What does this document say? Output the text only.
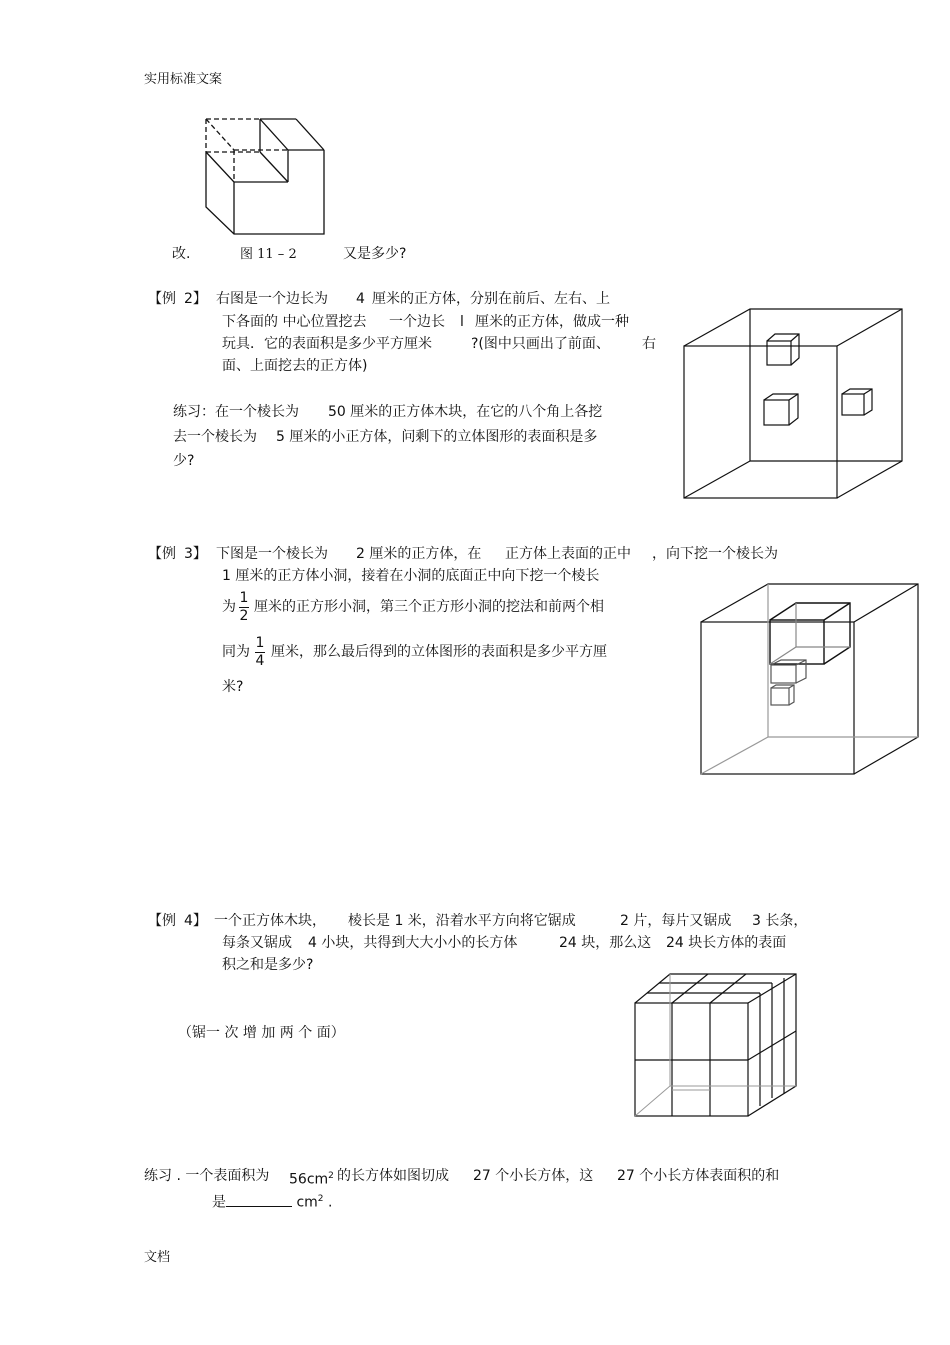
实用标准文案
改.	图 11 – 2	又是多少?
【例 2】 右图是一个边长为 4 厘米的正方体，分别在前后、左右、上
下各面的 中心位置挖去 一个边长 l 厘米的正方体，做成一种
玩具．它的表面积是多少平方厘米	?(图中只画出了前面、 右
面、上面挖去的正方体)
练习：在一个棱长为 50 厘米的正方体木块，在它的八个角上各挖
去一个棱长为 5 厘米的小正方体，问剩下的立体图形的表面积是多
少?
【例 3】 下图是一个棱长为 2 厘米的正方体，在 正方体上表面的正中 ，向下挖一个棱长为
1 厘米的正方体小洞，接着在小洞的底面正中向下挖一个棱长
为
1
2
厘米的正方形小洞，第三个正方形小洞的挖法和前两个相
同为
1
4
厘米，那么最后得到的立体图形的表面积是多少平方厘
米?
【例 4】 一个正方体木块， 棱长是 1 米，沿着水平方向将它锯成	2 片，每片又锯成 3 长条，
每条又锯成 4 小块，共得到大大小小的长方体	24 块，那么这 24 块长方体的表面
积之和是多少?
（锯一 次 增 加 两 个 面）
练习 . 一个表面积为 $56cm^2$ 的长方体如图切成 27 个小长方体，这 27 个小长方体表面积的和
是	$cm^2$ .
文档
